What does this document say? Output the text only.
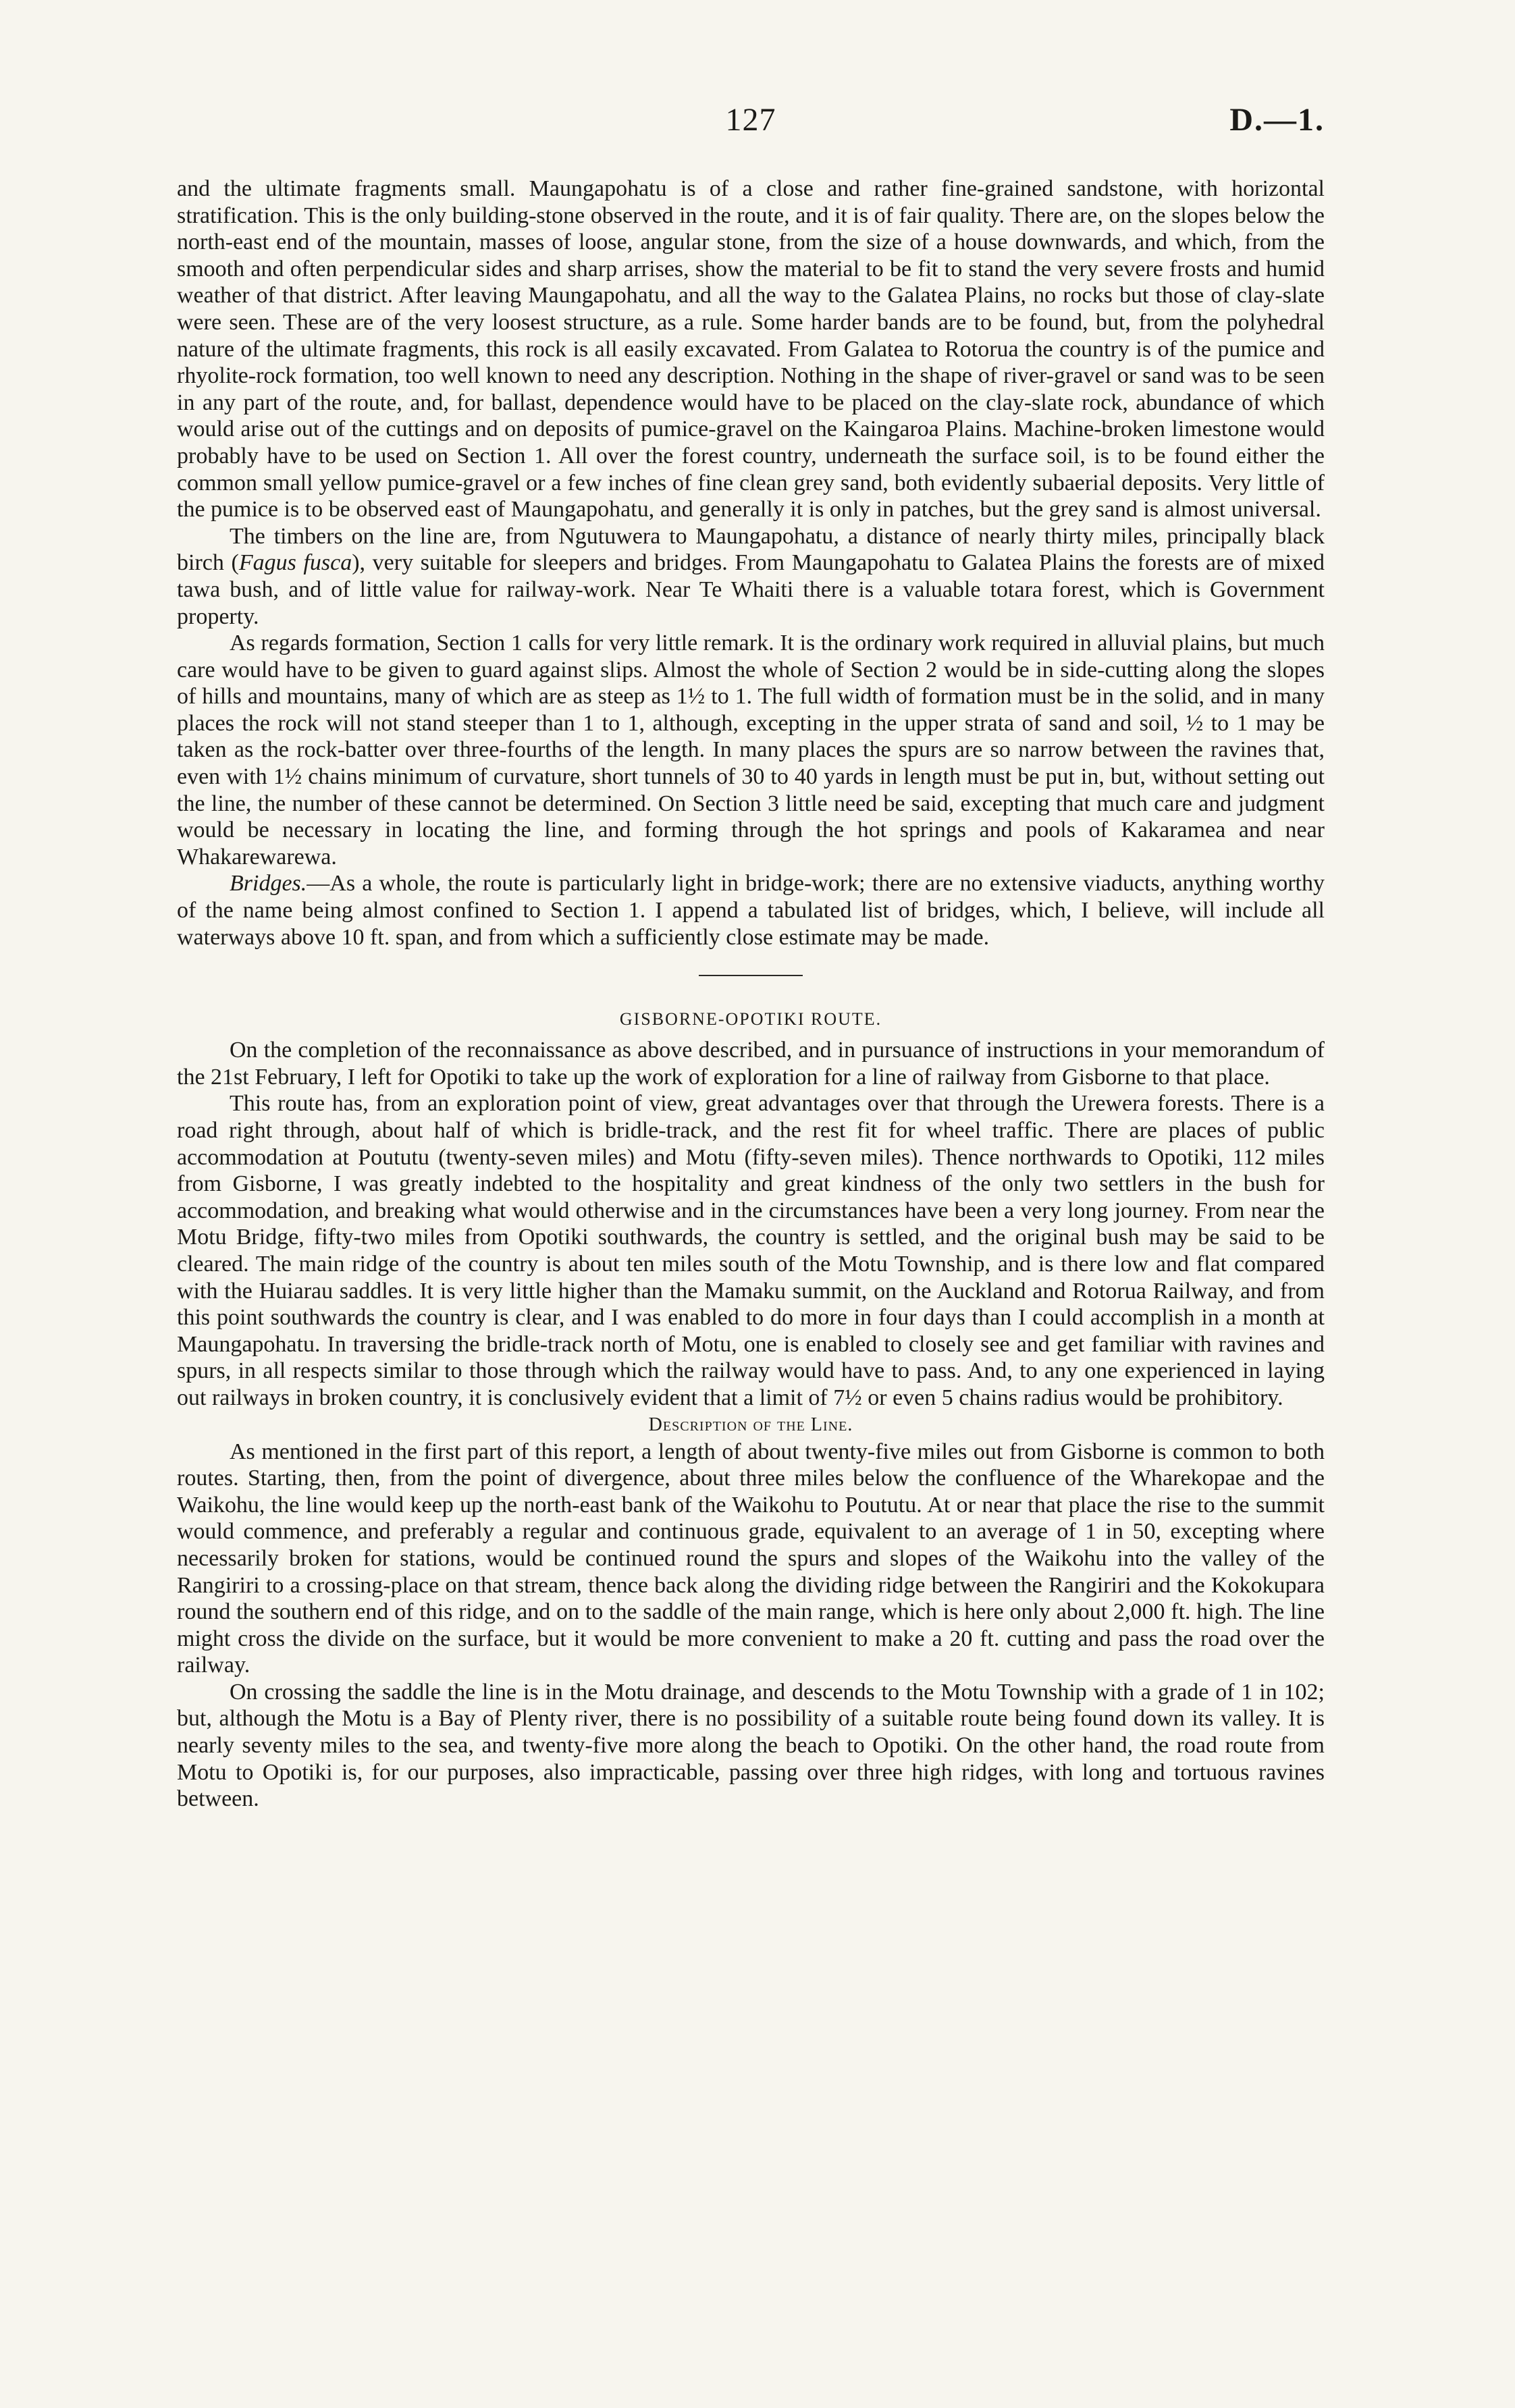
127	D.—1.

and the ultimate fragments small. Maungapohatu is of a close and rather fine-grained sandstone, with horizontal stratification. This is the only building-stone observed in the route, and it is of fair quality. There are, on the slopes below the north-east end of the mountain, masses of loose, angular stone, from the size of a house downwards, and which, from the smooth and often perpendicular sides and sharp arrises, show the material to be fit to stand the very severe frosts and humid weather of that district. After leaving Maungapohatu, and all the way to the Galatea Plains, no rocks but those of clay-slate were seen. These are of the very loosest structure, as a rule. Some harder bands are to be found, but, from the polyhedral nature of the ultimate fragments, this rock is all easily excavated. From Galatea to Rotorua the country is of the pumice and rhyolite-rock formation, too well known to need any description. Nothing in the shape of river-gravel or sand was to be seen in any part of the route, and, for ballast, dependence would have to be placed on the clay-slate rock, abundance of which would arise out of the cuttings and on deposits of pumice-gravel on the Kaingaroa Plains. Machine-broken limestone would probably have to be used on Section 1. All over the forest country, underneath the surface soil, is to be found either the common small yellow pumice-gravel or a few inches of fine clean grey sand, both evidently subaerial deposits. Very little of the pumice is to be observed east of Maungapohatu, and generally it is only in patches, but the grey sand is almost universal.

The timbers on the line are, from Ngutuwera to Maungapohatu, a distance of nearly thirty miles, principally black birch (Fagus fusca), very suitable for sleepers and bridges. From Maungapohatu to Galatea Plains the forests are of mixed tawa bush, and of little value for railway-work. Near Te Whaiti there is a valuable totara forest, which is Government property.

As regards formation, Section 1 calls for very little remark. It is the ordinary work required in alluvial plains, but much care would have to be given to guard against slips. Almost the whole of Section 2 would be in side-cutting along the slopes of hills and mountains, many of which are as steep as 1½ to 1. The full width of formation must be in the solid, and in many places the rock will not stand steeper than 1 to 1, although, excepting in the upper strata of sand and soil, ½ to 1 may be taken as the rock-batter over three-fourths of the length. In many places the spurs are so narrow between the ravines that, even with 1½ chains minimum of curvature, short tunnels of 30 to 40 yards in length must be put in, but, without setting out the line, the number of these cannot be determined. On Section 3 little need be said, excepting that much care and judgment would be necessary in locating the line, and forming through the hot springs and pools of Kakaramea and near Whakarewarewa.

Bridges.—As a whole, the route is particularly light in bridge-work; there are no extensive viaducts, anything worthy of the name being almost confined to Section 1. I append a tabulated list of bridges, which, I believe, will include all waterways above 10 ft. span, and from which a sufficiently close estimate may be made.

GISBORNE-OPOTIKI ROUTE.

On the completion of the reconnaissance as above described, and in pursuance of instructions in your memorandum of the 21st February, I left for Opotiki to take up the work of exploration for a line of railway from Gisborne to that place.

This route has, from an exploration point of view, great advantages over that through the Urewera forests. There is a road right through, about half of which is bridle-track, and the rest fit for wheel traffic. There are places of public accommodation at Poututu (twenty-seven miles) and Motu (fifty-seven miles). Thence northwards to Opotiki, 112 miles from Gisborne, I was greatly indebted to the hospitality and great kindness of the only two settlers in the bush for accommodation, and breaking what would otherwise and in the circumstances have been a very long journey. From near the Motu Bridge, fifty-two miles from Opotiki southwards, the country is settled, and the original bush may be said to be cleared. The main ridge of the country is about ten miles south of the Motu Township, and is there low and flat compared with the Huiarau saddles. It is very little higher than the Mamaku summit, on the Auckland and Rotorua Railway, and from this point southwards the country is clear, and I was enabled to do more in four days than I could accomplish in a month at Maungapohatu. In traversing the bridle-track north of Motu, one is enabled to closely see and get familiar with ravines and spurs, in all respects similar to those through which the railway would have to pass. And, to any one experienced in laying out railways in broken country, it is conclusively evident that a limit of 7½ or even 5 chains radius would be prohibitory.

Description of the Line.

As mentioned in the first part of this report, a length of about twenty-five miles out from Gisborne is common to both routes. Starting, then, from the point of divergence, about three miles below the confluence of the Wharekopae and the Waikohu, the line would keep up the north-east bank of the Waikohu to Poututu. At or near that place the rise to the summit would commence, and preferably a regular and continuous grade, equivalent to an average of 1 in 50, excepting where necessarily broken for stations, would be continued round the spurs and slopes of the Waikohu into the valley of the Rangiriri to a crossing-place on that stream, thence back along the dividing ridge between the Rangiriri and the Kokokupara round the southern end of this ridge, and on to the saddle of the main range, which is here only about 2,000 ft. high. The line might cross the divide on the surface, but it would be more convenient to make a 20 ft. cutting and pass the road over the railway.

On crossing the saddle the line is in the Motu drainage, and descends to the Motu Township with a grade of 1 in 102; but, although the Motu is a Bay of Plenty river, there is no possibility of a suitable route being found down its valley. It is nearly seventy miles to the sea, and twenty-five more along the beach to Opotiki. On the other hand, the road route from Motu to Opotiki is, for our purposes, also impracticable, passing over three high ridges, with long and tortuous ravines between.
